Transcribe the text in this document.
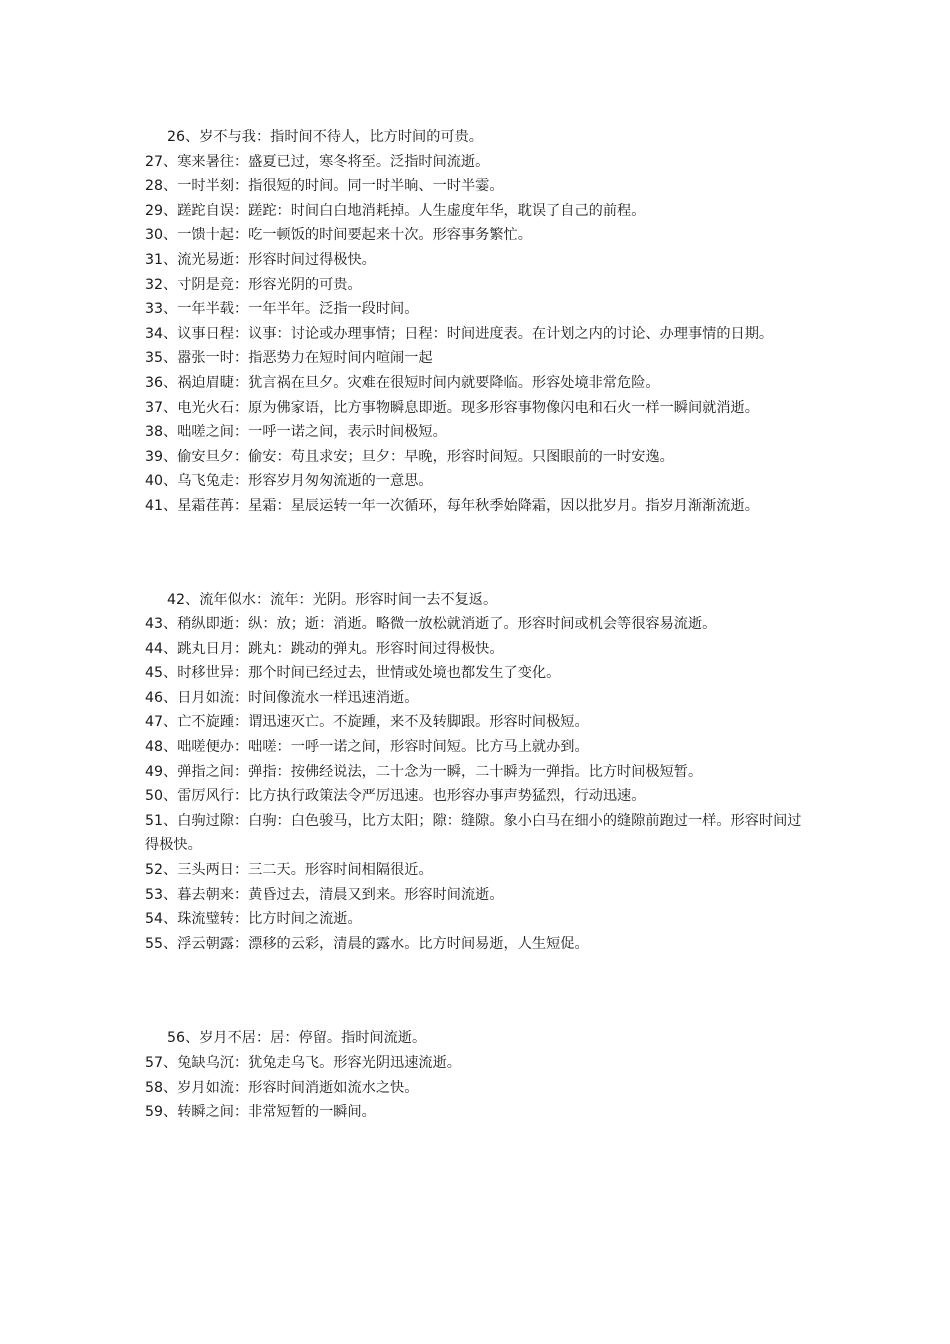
26、岁不与我：指时间不待人，比方时间的可贵。

27、寒来暑往：盛夏已过，寒冬将至。泛指时间流逝。

28、一时半刻：指很短的时间。同一时半晌、一时半霎。

29、蹉跎自误：蹉跎：时间白白地消耗掉。人生虚度年华，耽误了自己的前程。

30、一馈十起：吃一顿饭的时间要起来十次。形容事务繁忙。

31、流光易逝：形容时间过得极快。

32、寸阴是竞：形容光阴的可贵。

33、一年半载：一年半年。泛指一段时间。

34、议事日程：议事：讨论或办理事情；日程：时间进度表。在计划之内的讨论、办理事情的日期。

35、嚣张一时：指恶势力在短时间内喧闹一起

36、祸迫眉睫：犹言祸在旦夕。灾难在很短时间内就要降临。形容处境非常危险。

37、电光火石：原为佛家语，比方事物瞬息即逝。现多形容事物像闪电和石火一样一瞬间就消逝。

38、咄嗟之间：一呼一诺之间，表示时间极短。

39、偷安旦夕：偷安：苟且求安；旦夕：早晚，形容时间短。只图眼前的一时安逸。

40、乌飞兔走：形容岁月匆匆流逝的一意思。

41、星霜荏苒：星霜：星辰运转一年一次循环，每年秋季始降霜，因以批岁月。指岁月渐渐流逝。

42、流年似水：流年：光阴。形容时间一去不复返。

43、稍纵即逝：纵：放；逝：消逝。略微一放松就消逝了。形容时间或机会等很容易流逝。

44、跳丸日月：跳丸：跳动的弹丸。形容时间过得极快。

45、时移世异：那个时间已经过去，世情或处境也都发生了变化。

46、日月如流：时间像流水一样迅速消逝。

47、亡不旋踵：谓迅速灭亡。不旋踵，来不及转脚跟。形容时间极短。

48、咄嗟便办：咄嗟：一呼一诺之间，形容时间短。比方马上就办到。

49、弹指之间：弹指：按佛经说法，二十念为一瞬，二十瞬为一弹指。比方时间极短暂。

50、雷厉风行：比方执行政策法令严厉迅速。也形容办事声势猛烈，行动迅速。

51、白驹过隙：白驹：白色骏马，比方太阳；隙：缝隙。象小白马在细小的缝隙前跑过一样。形容时间过得极快。

52、三头两日：三二天。形容时间相隔很近。

53、暮去朝来：黄昏过去，清晨又到来。形容时间流逝。

54、珠流璧转：比方时间之流逝。

55、浮云朝露：漂移的云彩，清晨的露水。比方时间易逝，人生短促。

56、岁月不居：居：停留。指时间流逝。

57、兔缺乌沉：犹兔走乌飞。形容光阴迅速流逝。

58、岁月如流：形容时间消逝如流水之快。

59、转瞬之间：非常短暂的一瞬间。
